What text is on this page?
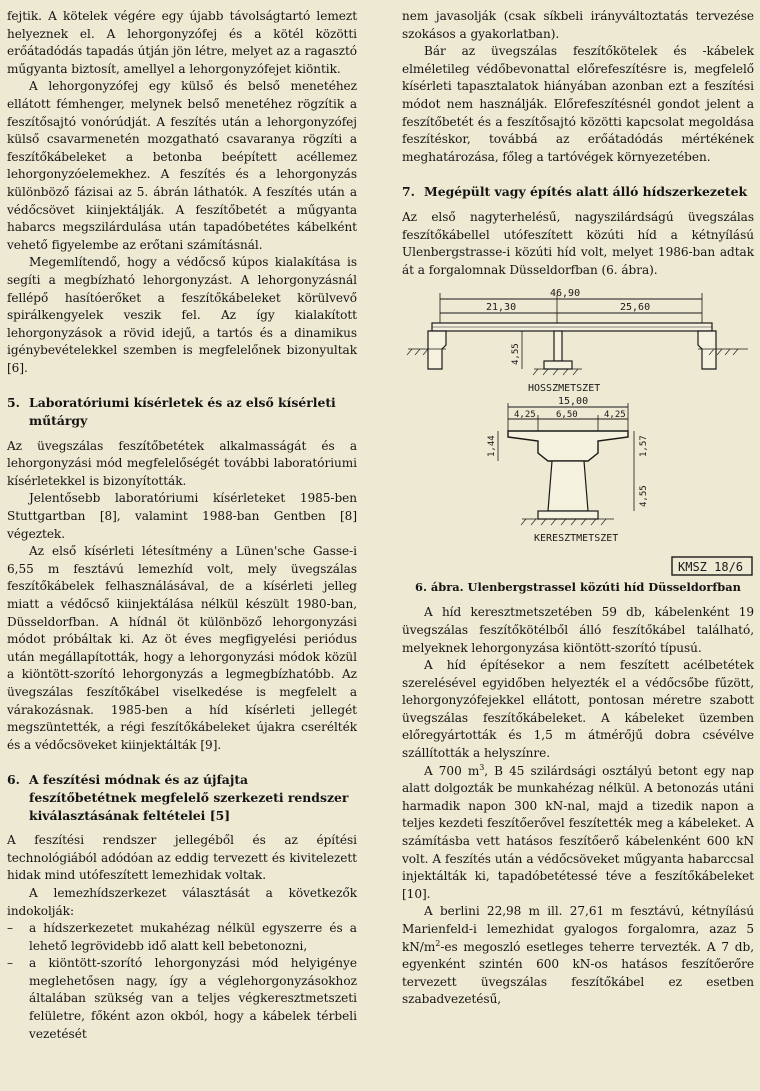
fejtik. A kötelek végére egy újabb távolságtartó lemezt helyeznek el. A lehorgonyzófej és a kötél közötti erőátadódás tapadás útján jön létre, melyet az a ragasztó műgyanta biztosít, amellyel a lehorgonyzófejet kiöntik.

A lehorgonyzófej egy külső és belső menetéhez ellátott fémhenger, melynek belső menetéhez rögzítik a feszítősajtó vonórúdját. A feszítés után a lehorgonyzófej külső csavarmenetén mozgatható csavaranya rögzíti a feszítőkábeleket a betonba beépített acéllemez lehorgonyzóelemekhez. A feszítés és a lehorgonyzás különböző fázisai az 5. ábrán láthatók. A feszítés után a védőcsövet kiinjektálják. A feszítőbetét a műgyanta habarcs megszilárdulása után tapadóbetétes kábelként vehető figyelembe az erőtani számításnál.

Megemlítendő, hogy a védőcső kúpos kialakítása is segíti a megbízható lehorgonyzást. A lehorgonyzásnál fellépő hasítóerőket a feszítőkábeleket körülvevő spirálkengyelek veszik fel. Az így kialakított lehorgonyzások a rövid idejű, a tartós és a dinamikus igénybevételekkel szemben is megfelelőnek bizonyultak [6].

5. Laboratóriumi kísérletek és az első kísérleti műtárgy

Az üvegszálas feszítőbetétek alkalmasságát és a lehorgonyzási mód megfelelőségét további laboratóriumi kísérletekkel is bizonyították.

Jelentősebb laboratóriumi kísérleteket 1985-ben Stuttgartban [8], valamint 1988-ban Gentben [8] végeztek.

Az első kísérleti létesítmény a Lünen'sche Gasse-i 6,55 m fesztávú lemezhíd volt, mely üvegszálas feszítőkábelek felhasználásával, de a kísérleti jelleg miatt a védőcső kiinjektálása nélkül készült 1980-ban, Düsseldorfban. A hídnál öt különböző lehorgonyzási módot próbáltak ki. Az öt éves megfigyelési periódus után megállapították, hogy a lehorgonyzási módok közül a kiöntött-szorító lehorgonyzás a legmegbízhatóbb. Az üvegszálas feszítőkábel viselkedése is megfelelt a várakozásnak. 1985-ben a híd kísérleti jellegét megszüntették, a régi feszítőkábeleket újakra cserélték és a védőcsöveket kiinjektálták [9].

6. A feszítési módnak és az újfajta feszítőbetétnek megfelelő szerkezeti rendszer kiválasztásának feltételei [5]

A feszítési rendszer jellegéből és az építési technológiából adódóan az eddig tervezett és kivitelezett hidak mind utófeszített lemezhidak voltak.

A lemezhídszerkezet választását a következők indokolják:

–	a hídszerkezetet mukahézag nélkül egyszerre és a lehető legrövidebb idő alatt kell bebetonozni,
–	a kiöntött-szorító lehorgonyzási mód helyigénye meglehetősen nagy, így a véglehorgonyzásokhoz általában szükség van a teljes végkeresztmetszeti felületre, főként azon okból, hogy a kábelek térbeli vezetését

nem javasolják (csak síkbeli irányváltoztatás tervezése szokásos a gyakorlatban).

Bár az üvegszálas feszítőkötelek és -kábelek elméletileg védőbevonattal előrefeszítésre is, megfelelő kísérleti tapasztalatok hiányában azonban ezt a feszítési módot nem használják. Előrefeszítésnél gondot jelent a feszítőbetét és a feszítősajtó közötti kapcsolat megoldása feszítéskor, továbbá az erőátadódás mértékének meghatározása, főleg a tartóvégek környezetében.

7. Megépült vagy építés alatt álló hídszerkezetek

Az első nagyterhelésű, nagyszilárdságú üvegszálas feszítőkábellel utófeszített közúti híd a kétnyílású Ulenbergstrasse-i közúti híd volt, melyet 1986-ban adtak át a forgalomnak Düsseldorfban (6. ábra).

46,90
21,30	25,60
4,55
HOSSZMETSZET
15,00
4,25 6,50	4,25
1,44	1,57
4,55
KERESZTMETSZET
KMSZ 18/6
6. ábra. Ulenbergstrassel közúti híd Düsseldorfban

A híd keresztmetszetében 59 db, kábelenként 19 üvegszálas feszítőkötélből álló feszítőkábel található, melyeknek lehorgonyzása kiöntött-szorító típusú.

A híd építésekor a nem feszített acélbetétek szerelésével egyidőben helyezték el a védőcsőbe fűzött, lehorgonyzófejekkel ellátott, pontosan méretre szabott üvegszálas feszítőkábeleket. A kábeleket üzemben előregyártották és 1,5 m átmérőjű dobra csévélve szállították a helyszínre.

A 700 $m^3$, B 45 szilárdsági osztályú betont egy nap alatt dolgozták be munkahézag nélkül. A betonozás utáni harmadik napon 300 kN-nal, majd a tizedik napon a teljes kezdeti feszítőerővel feszítették meg a kábeleket. A számításba vett hatásos feszítőerő kábelenként 600 kN volt. A feszítés után a védőcsöveket műgyanta habarccsal injektálták ki, tapadóbetétessé téve a feszítőkábeleket [10].

A berlini 22,98 m ill. 27,61 m fesztávú, kétnyílású Marienfeld-i lemezhidat gyalogos forgalomra, azaz 5 $kN/m^2-es$ megoszló esetleges teherre tervezték. A 7 db, egyenként szintén 600 kN-os hatásos feszítőerőre tervezett üvegszálas feszítőkábel ez esetben szabadvezetésű,
